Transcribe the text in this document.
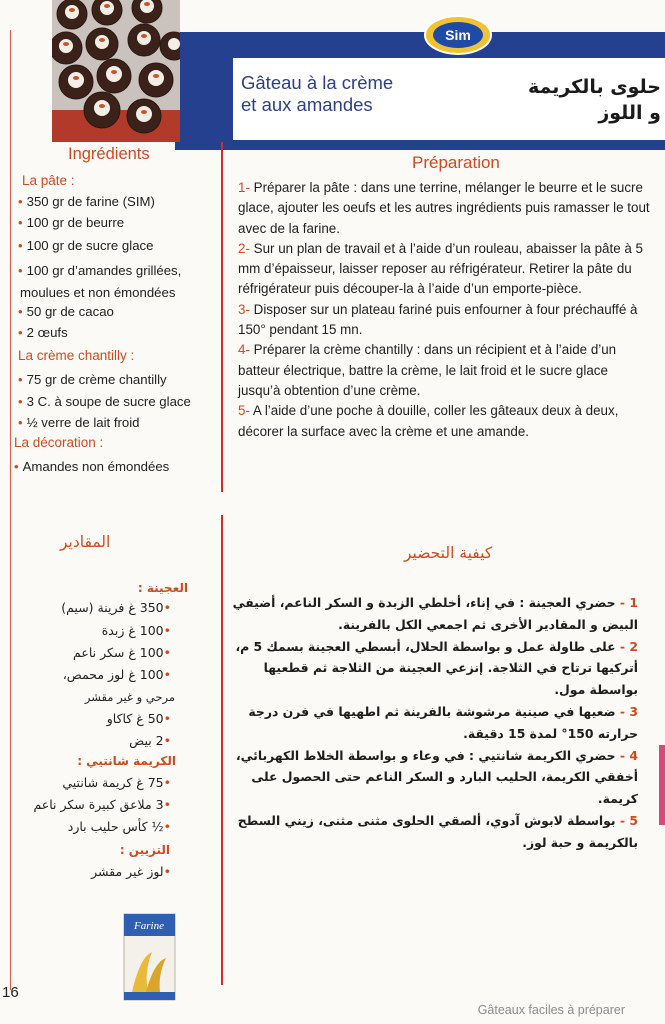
Sim
Gâteau à la crème
et aux amandes
حلوى بالكريمة
و اللوز
Ingrédients
La pâte :
• 350 gr de farine (SIM)
• 100 gr de beurre
• 100 gr de sucre glace
• 100 gr d’amandes grillées,
moulues et non émondées
• 50 gr de cacao
• 2 œufs
La crème chantilly :
• 75 gr de crème chantilly
• 3 C. à soupe de sucre glace
• ½ verre de lait froid
La décoration :
• Amandes non émondées
Préparation

1- Préparer la pâte : dans une terrine, mélanger le beurre et le sucre glace, ajouter les oeufs et les autres ingrédients puis ramasser le tout avec de la farine.

2- Sur un plan de travail et à l’aide d’un rouleau, abaisser la pâte à 5 mm d’épaisseur, laisser reposer au réfrigérateur. Retirer la pâte du réfrigérateur puis découper-la à l’aide d’un emporte-pièce.

3- Disposer sur un plateau fariné puis enfourner à four préchauffé à 150° pendant 15 mn.

4- Préparer la crème chantilly : dans un récipient et à l’aide d’un batteur électrique, battre la crème, le lait froid et le sucre glace jusqu’à obtention d’une crème.

5- A l’aide d’une poche à douille, coller les gâteaux deux à deux, décorer la surface avec la crème et une amande.

المقادير
العجينة :
•350 غ فرينة (سيم)
•100 غ زبدة
•100 غ سكر ناعم
•100 غ لوز محمص،
مرحي و غير مقشر
•50 غ كاكاو
•2 بيض
الكريمة شانتيي :
•75 غ كريمة شانتيي
•3 ملاعق كبيرة سكر ناعم
•½ كأس حليب بارد
التزيين :
•لوز غير مقشر
كيفية التحضير

1 - حضري العجينة : في إناء، أخلطي الزبدة و السكر الناعم، أضيفي البيض و المقادير الأخرى ثم اجمعي الكل بالفرينة.

2 - على طاولة عمل و بواسطة الحلال، أبسطي العجينة بسمك 5 م، أتركيها ترتاح في الثلاجة. إنزعي العجينة من الثلاجة ثم قطعيها بواسطة مول.

3 - ضعيها في صينية مرشوشة بالفرينة ثم اطهيها في فرن درجة حرارته 150° لمدة 15 دقيقة.

4 - حضري الكريمة شانتيي : في وعاء و بواسطة الخلاط الكهربائي، أخفقي الكريمة، الحليب البارد و السكر الناعم حتى الحصول على كريمة.

5 - بواسطة لابوش آدوي، ألصقي الحلوى مثنى مثنى، زيني السطح بالكريمة و حبة لوز.

Farine
16
Gâteaux faciles à préparer
